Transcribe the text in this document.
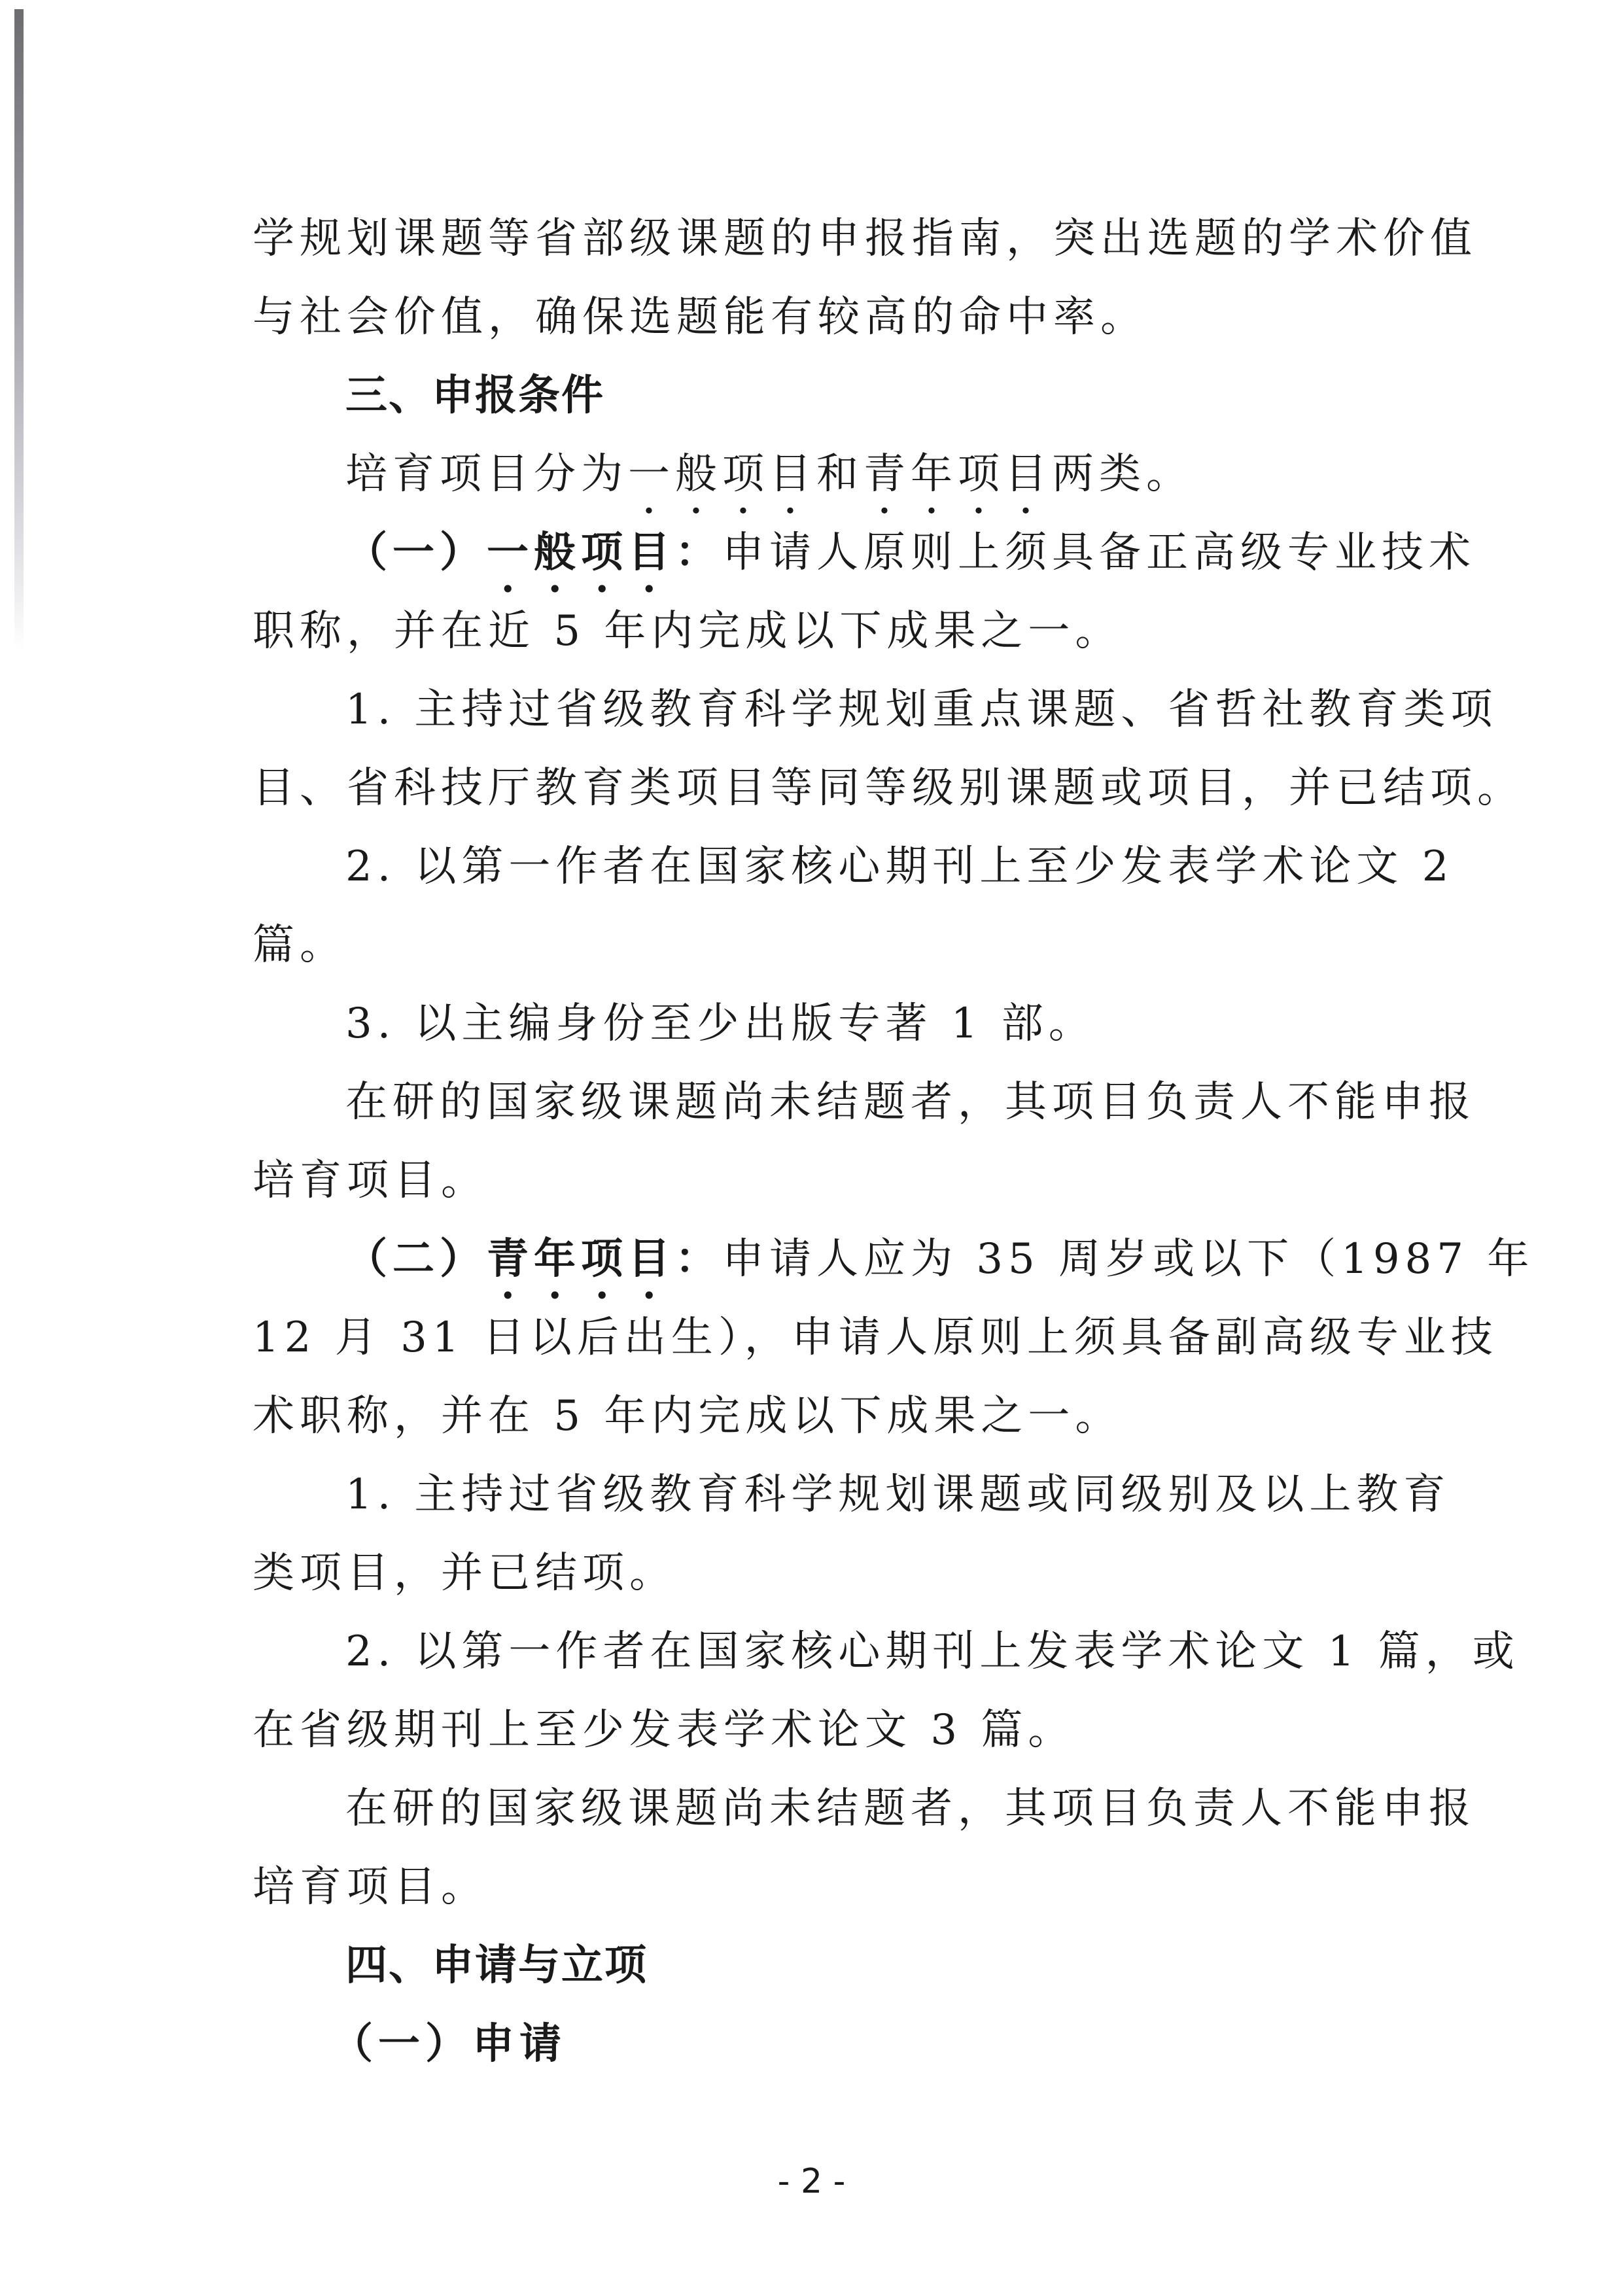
学规划课题等省部级课题的申报指南，突出选题的学术价值
与社会价值，确保选题能有较高的命中率。
三、申报条件
培育项目分为一般项目和青年项目两类。
（一）一般项目：申请人原则上须具备正高级专业技术
职称，并在近 5 年内完成以下成果之一。
1. 主持过省级教育科学规划重点课题、省哲社教育类项
目、省科技厅教育类项目等同等级别课题或项目，并已结项。
2. 以第一作者在国家核心期刊上至少发表学术论文 2
篇。
3. 以主编身份至少出版专著 1 部。
在研的国家级课题尚未结题者，其项目负责人不能申报
培育项目。
（二）青年项目：申请人应为 35 周岁或以下（1987 年
12 月 31 日以后出生），申请人原则上须具备副高级专业技
术职称，并在 5 年内完成以下成果之一。
1. 主持过省级教育科学规划课题或同级别及以上教育
类项目，并已结项。
2. 以第一作者在国家核心期刊上发表学术论文 1 篇，或
在省级期刊上至少发表学术论文 3 篇。
在研的国家级课题尚未结题者，其项目负责人不能申报
培育项目。
四、申请与立项
（一）申请
- 2 -
